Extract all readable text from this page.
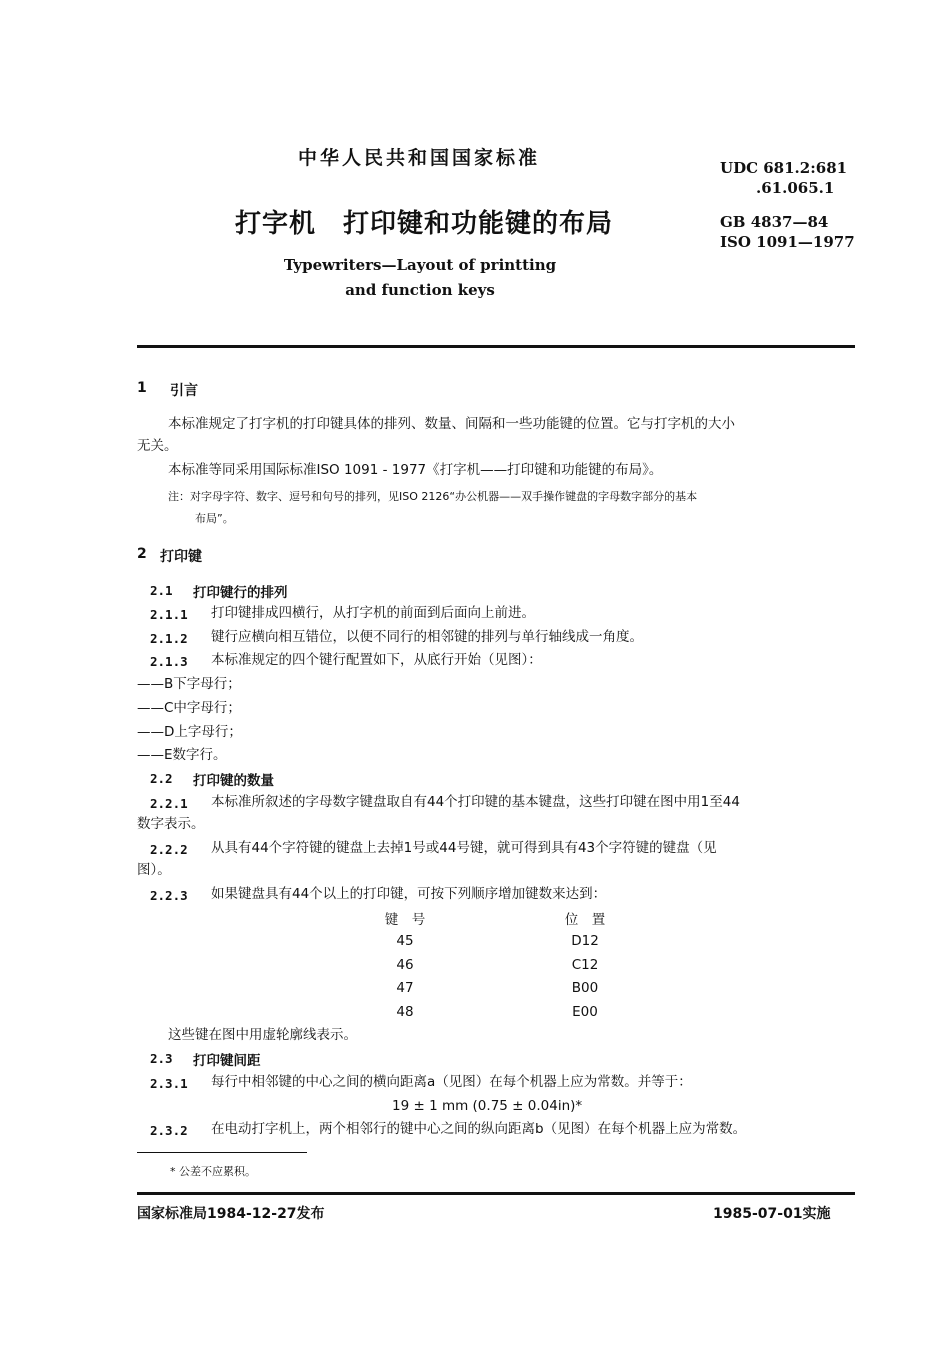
中华人民共和国国家标准
打字机　打印键和功能键的布局
Typewriters—Layout of printting
and function keys
UDC 681.2:681
.61.065.1
GB 4837—84
ISO 1091—1977
1 引言
本标准规定了打字机的打印键具体的排列、数量、间隔和一些功能键的位置。它与打字机的大小
无关。
本标准等同采用国际标准ISO 1091 - 1977《打字机——打印键和功能键的布局》。
注：对字母字符、数字、逗号和句号的排列，见ISO 2126“办公机器——双手操作键盘的字母数字部分的基本
布局”。
2 打印键
2.1 打印键行的排列
2.1.1 打印键排成四横行，从打字机的前面到后面向上前进。
2.1.2 键行应横向相互错位，以便不同行的相邻键的排列与单行轴线成一角度。
2.1.3 本标准规定的四个键行配置如下，从底行开始（见图）：
——B下字母行；
——C中字母行；
——D上字母行；
——E数字行。
2.2 打印键的数量
2.2.1 本标准所叙述的字母数字键盘取自有44个打印键的基本键盘，这些打印键在图中用1至44
数字表示。
2.2.2 从具有44个字符键的键盘上去掉1号或44号键，就可得到具有43个字符键的键盘（见
图）。
2.2.3 如果键盘具有44个以上的打印键，可按下列顺序增加键数来达到：
键　号	位　置
45	D12
46	C12
47	B00
48	E00
这些键在图中用虚轮廓线表示。
2.3 打印键间距
2.3.1 每行中相邻键的中心之间的横向距离a（见图）在每个机器上应为常数。并等于：
19 ± 1 mm (0.75 ± 0.04in)*
2.3.2 在电动打字机上，两个相邻行的键中心之间的纵向距离b（见图）在每个机器上应为常数。
* 公差不应累积。
国家标准局1984-12-27发布	1985-07-01实施
